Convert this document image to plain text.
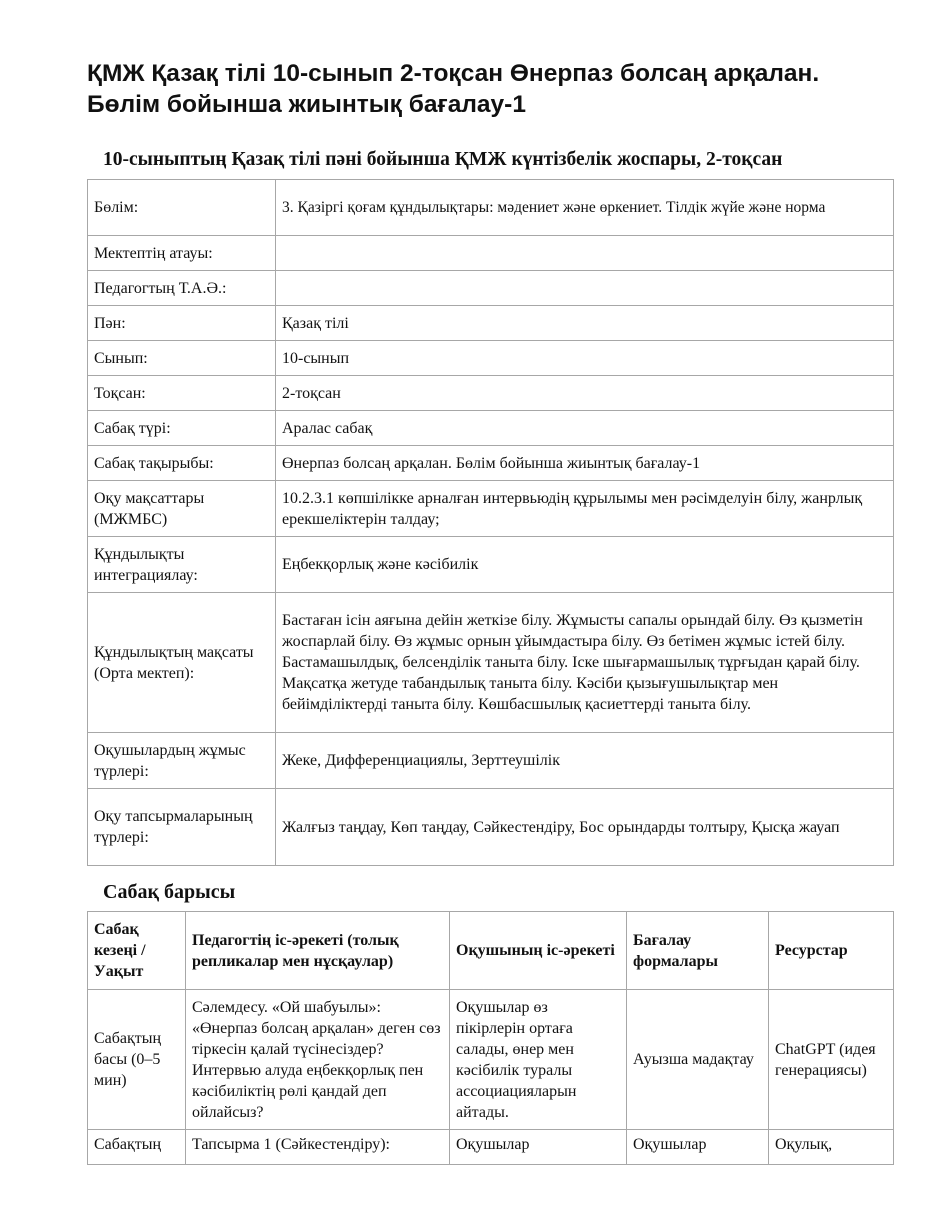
ҚМЖ Қазақ тілі 10-сынып 2-тоқсан Өнерпаз болсаң арқалан. Бөлім бойынша жиынтық бағалау-1
10-сыныптың Қазақ тілі пәні бойынша ҚМЖ күнтізбелік жоспары, 2-тоқсан
Бөлім:	3. Қазіргі қоғам құндылықтары: мәдениет және өркениет. Тілдік жүйе және норма
Мектептің атауы:	
Педагогтың Т.А.Ә.:	
Пән:	Қазақ тілі
Сынып:	10-сынып
Тоқсан:	2-тоқсан
Сабақ түрі:	Аралас сабақ
Сабақ тақырыбы:	Өнерпаз болсаң арқалан. Бөлім бойынша жиынтық бағалау-1
Оқу мақсаттары (МЖМБС)	10.2.3.1 көпшілікке арналған интервьюдің құрылымы мен рәсімделуін білу, жанрлық ерекшеліктерін талдау;
Құндылықты интеграциялау:	Еңбекқорлық және кәсібилік
Құндылықтың мақсаты (Орта мектеп):	Бастаған ісін аяғына дейін жеткізе білу. Жұмысты сапалы орындай білу. Өз қызметін жоспарлай білу. Өз жұмыс орнын ұйымдастыра білу. Өз бетімен жұмыс істей білу. Бастамашылдық, белсенділік таныта білу. Іске шығармашылық тұрғыдан қарай білу. Мақсатқа жетуде табандылық таныта білу. Кәсіби қызығушылықтар мен бейімділіктерді таныта білу. Көшбасшылық қасиеттерді таныта білу.
Оқушылардың жұмыс түрлері:	Жеке, Дифференциациялы, Зерттеушілік
Оқу тапсырмаларының түрлері:	Жалғыз таңдау, Көп таңдау, Сәйкестендіру, Бос орындарды толтыру, Қысқа жауап
Сабақ барысы
Сабақ кезеңі / Уақыт	Педагогтің іс-әрекеті (толық репликалар мен нұсқаулар)	Оқушының іс-әрекеті	Бағалау формалары	Ресурстар
Сабақтың басы (0–5 мин)	Сәлемдесу. «Ой шабуылы»: «Өнерпаз болсаң арқалан» деген сөз тіркесін қалай түсінесіздер? Интервью алуда еңбекқорлық пен кәсібиліктің рөлі қандай деп ойлайсыз?	Оқушылар өз пікірлерін ортаға салады, өнер мен кәсібилік туралы ассоциацияларын айтады.	Ауызша мадақтау	ChatGPT (идея генерациясы)
Сабақтың	Тапсырма 1 (Сәйкестендіру):	Оқушылар	Оқушылар	Оқулық,
